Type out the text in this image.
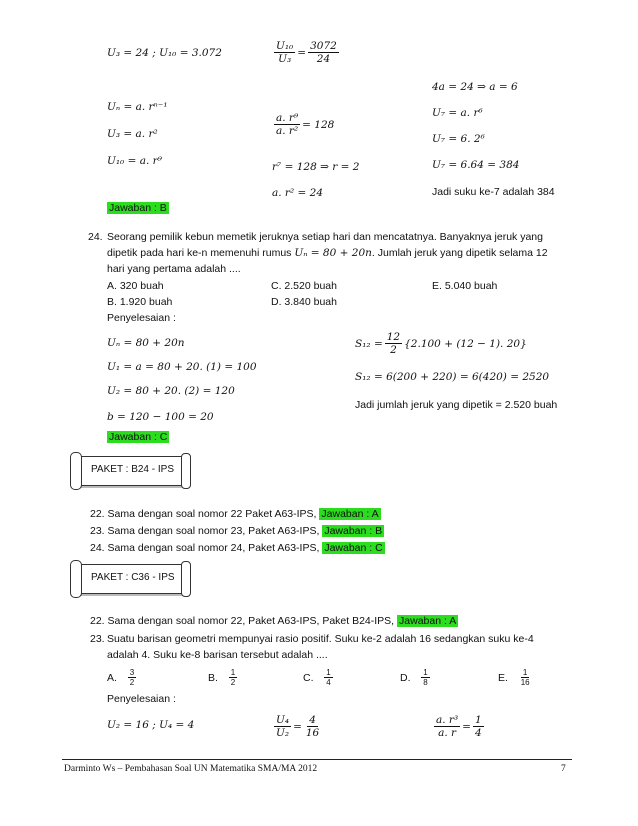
U₃ = 24 ; U₁₀ = 3.072
Uₙ = a. rⁿ⁻¹
U₃ = a. r²
U₁₀ = a. r⁹
Jawaban : B
$\frac{\text{U₁₀}}{\text{U₃}} = \frac{3072}{24}$
$\frac{\text{a. r⁹}}{\text{a. r²}} = 128$
r⁷ = 128 ⇒ r = 2
a. r² = 24
4a = 24 ⇒ a = 6
U₇ = a. r⁶
U₇ = 6. 2⁶
U₇ = 6.64 = 384
Jadi suku ke-7 adalah 384
24. Seorang pemilik kebun memetik jeruknya setiap hari dan mencatatnya. Banyaknya jeruk yang
dipetik pada hari ke-n memenuhi rumus Uₙ = 80 + 20n. Jumlah jeruk yang dipetik selama 12
hari yang pertama adalah ....
A. 320 buah
B. 1.920 buah
C. 2.520 buah
D. 3.840 buah
E. 5.040 buah
Penyelesaian :
Uₙ = 80 + 20n
U₁ = a = 80 + 20. (1) = 100
U₂ = 80 + 20. (2) = 120
b = 120 − 100 = 20
Jawaban : C
$S_{12} = \frac{12}{2} \{2.100 + (12 - 1)$. 20}
S₁₂ = 6(200 + 220) = 6(420) = 2520
Jadi jumlah jeruk yang dipetik = 2.520 buah
PAKET : B24 - IPS
22. Sama dengan soal nomor 22 Paket A63-IPS, Jawaban : A
23. Sama dengan soal nomor 23, Paket A63-IPS, Jawaban : B
24. Sama dengan soal nomor 24, Paket A63-IPS, Jawaban : C
PAKET : C36 - IPS
22. Sama dengan soal nomor 22, Paket A63-IPS, Paket B24-IPS, Jawaban : A
23. Suatu barisan geometri mempunyai rasio positif. Suku ke-2 adalah 16 sedangkan suku ke-4
adalah 4. Suku ke-8 barisan tersebut adalah ....
A.
$\frac{3}{2}$	B.
$\frac{1}{2}$	C.
$\frac{1}{4}$	D.
$\frac{1}{8}$	E.
$\frac{1}{16}$
Penyelesaian :
U₂ = 16 ; U₄ = 4	$\frac{\text{U₄}}{\text{U₂}} = \frac{4}{16}$	$\frac{\text{a. r³}}{a. r} = \frac{1}{4}$
Darminto Ws – Pembahasan Soal UN Matematika SMA/MA 2012	7
